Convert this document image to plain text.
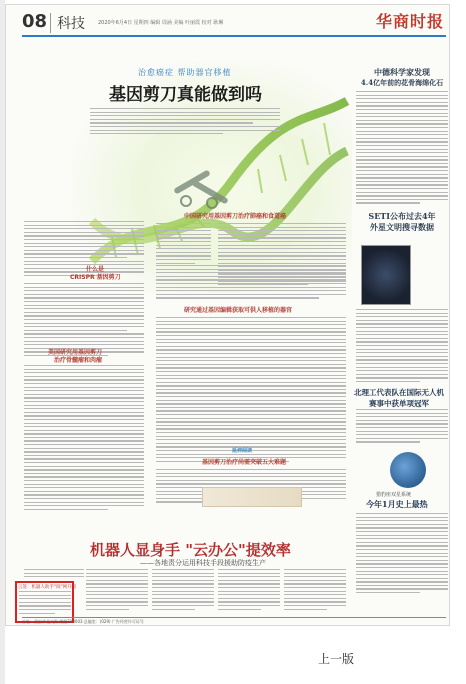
08 科技	2020年6月4日 星期四 编辑 周涵 美编 叶丽霞 校对 耿琳	华商时报
治愈癌症 帮助器官移植
基因剪刀真能做到吗
中国研究用基因剪刀治疗肺癌和食道癌
什么是
CRISPR 基因剪刀
美国研究用基因剪刀
治疗骨髓瘤和肉瘤
研究通过基因编辑获取可供人移植的器官
延伸阅读
基因剪刀治疗尚需突破五大难题
中德科学家发现
4.4亿年前的花骨海绵化石
SETI公布过去4年
外星文明搜寻数据
北理工代表队在国际无人机
赛事中获单项冠军
猎豹座双星系统
今年1月史上最热
机器人显身手 "云办公"提效率
——各地责分运用科技手段援助防疫生产
云签：机器人助手"阅"网升级
社址：西安市北大街 邮编710003 总编室：(029) 广告经营许可证号
上一版
